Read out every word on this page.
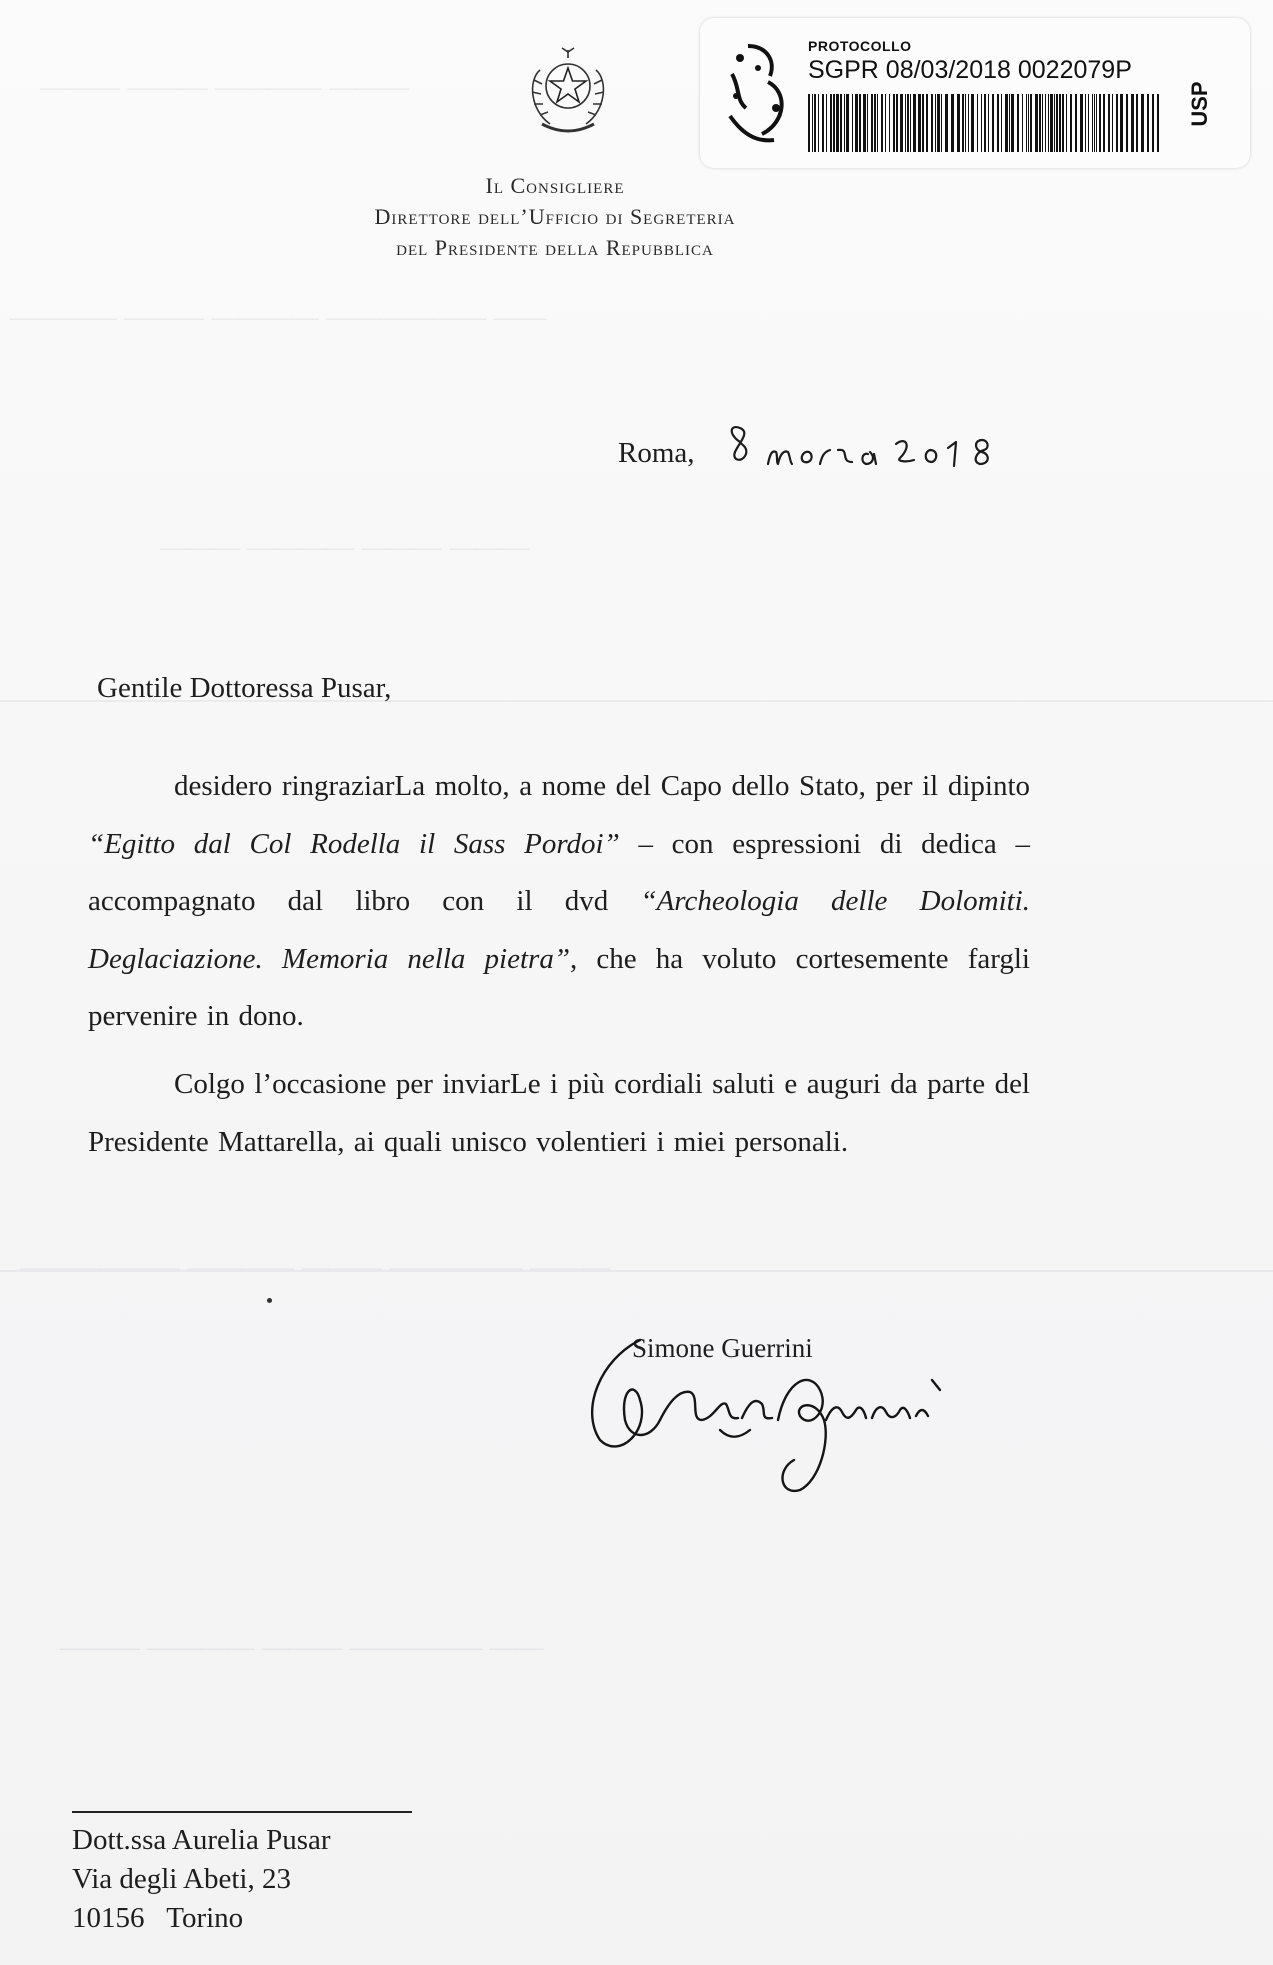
——— ——— ———— ———
———— ——— ———— —————— ——
——— ———— ——— ———
—————— ———— ——— ————— ———
——— ———— ——— ————— ——
Il Consigliere
Direttore dell’Ufficio di Segreteria
del Presidente della Repubblica
PROTOCOLLO
SGPR 08/03/2018 0022079P
USP
Roma,
Gentile Dottoressa Pusar,

desidero ringraziarLa molto, a nome del Capo dello Stato, per il dipinto “Egitto dal Col Rodella il Sass Pordoi” – con espressioni di dedica – accompagnato dal libro con il dvd “Archeologia delle Dolomiti. Deglaciazione. Memoria nella pietra”, che ha voluto cortesemente fargli pervenire in dono.

Colgo l’occasione per inviarLe i più cordiali saluti e auguri da parte del Presidente Mattarella, ai quali unisco volentieri i miei personali.

Simone Guerrini
Dott.ssa Aurelia Pusar
Via degli Abeti, 23
10156 Torino
